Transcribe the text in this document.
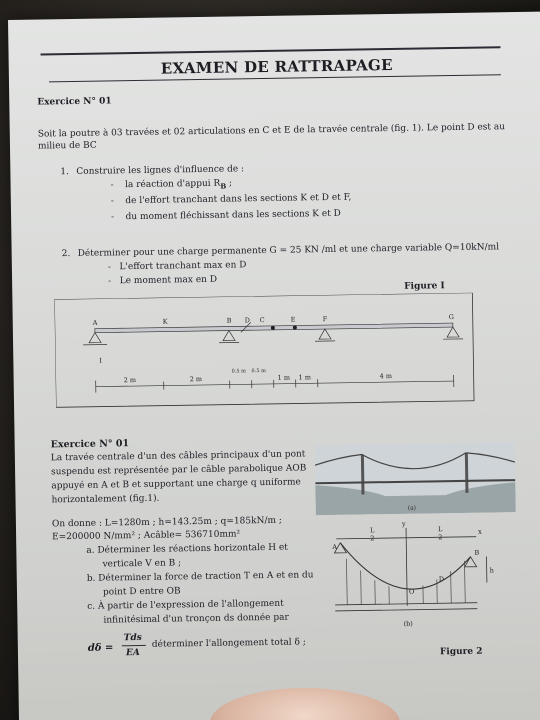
EXAMEN DE RATTRAPAGE
Exercice N° 01
Soit la poutre à 03 travées et 02 articulations en C et E de la travée centrale (fig. 1). Le point D est au
milieu de BC
1. Construire les lignes d'influence de :
-    la réaction d'appui $R_B$ ;
-    de l'effort tranchant dans les sections K et D et F,
-    du moment fléchissant dans les sections K et D
2. Déterminer pour une charge permanente G = 25 KN /ml et une charge variable Q=10kN/ml
-   L'effort tranchant max en D
-   Le moment max en D
Figure I
A	K	B D C	E	F	G
I
2 m	2 m
0.5 m 0.5 m
1 m 1 m	4 m
Exercice N° 01
La travée centrale d'un des câbles principaux d'un pont
suspendu est représentée par le câble parabolique AOB
appuyé en A et B et supportant une charge q uniforme
horizontalement (fig.1).
On donne : L=1280m ; h=143.25m ; q=185kN/m ;
E=200000 N/mm² ; Acâble= 536710mm²
a. Déterminer les réactions horizontale H et
verticale V en B ;
b. Déterminer la force de traction T en A et en du
point D entre OB
c. À partir de l'expression de l'allongement
infinitésimal d'un tronçon ds donnée par
dδ =
Tds
EA
déterminer l'allongement total δ ;
(a)
A
B
O
D
L
2
L
2
y
x
h
(b)
Figure 2
